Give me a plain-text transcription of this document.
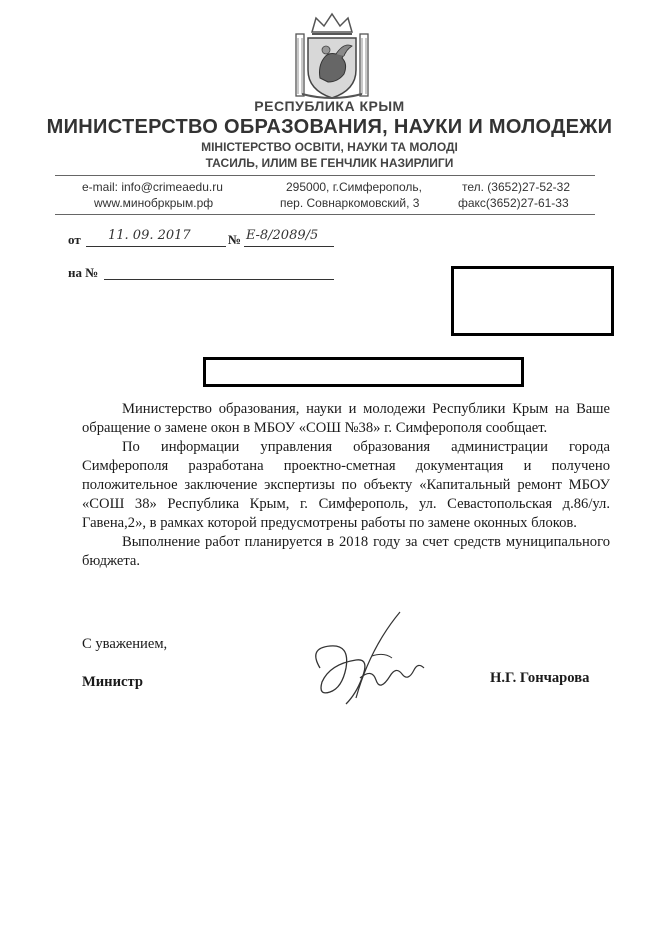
РЕСПУБЛИКА КРЫМ
МИНИСТЕРСТВО ОБРАЗОВАНИЯ, НАУКИ И МОЛОДЕЖИ
МІНІСТЕРСТВО ОСВІТИ, НАУКИ ТА МОЛОДІ
ТАСИЛЬ, ИЛИМ ВЕ ГЕНЧЛИК НАЗИРЛИГИ
e-mail: info@crimeaedu.ru
www.минобркрым.рф
295000, г.Симферополь,
пер. Совнаркомовский, 3
тел. (3652)27-52-32
факс(3652)27-61-33
от 11. 09. 2017	№ Е-8/2089/5
на №

Министерство образования, науки и молодежи Республики Крым на Ваше обращение о замене окон в МБОУ «СОШ №38» г. Симферополя сообщает.

По информации управления образования администрации города Симферополя разработана проектно-сметная документация и получено положительное заключение экспертизы по объекту «Капитальный ремонт МБОУ «СОШ 38» Республика Крым, г. Симферополь, ул. Севастопольская д.86/ул. Гавена,2», в рамках которой предусмотрены работы по замене оконных блоков.

Выполнение работ планируется в 2018 году за счет средств муниципального бюджета.

С уважением,
Министр	Н.Г. Гончарова
